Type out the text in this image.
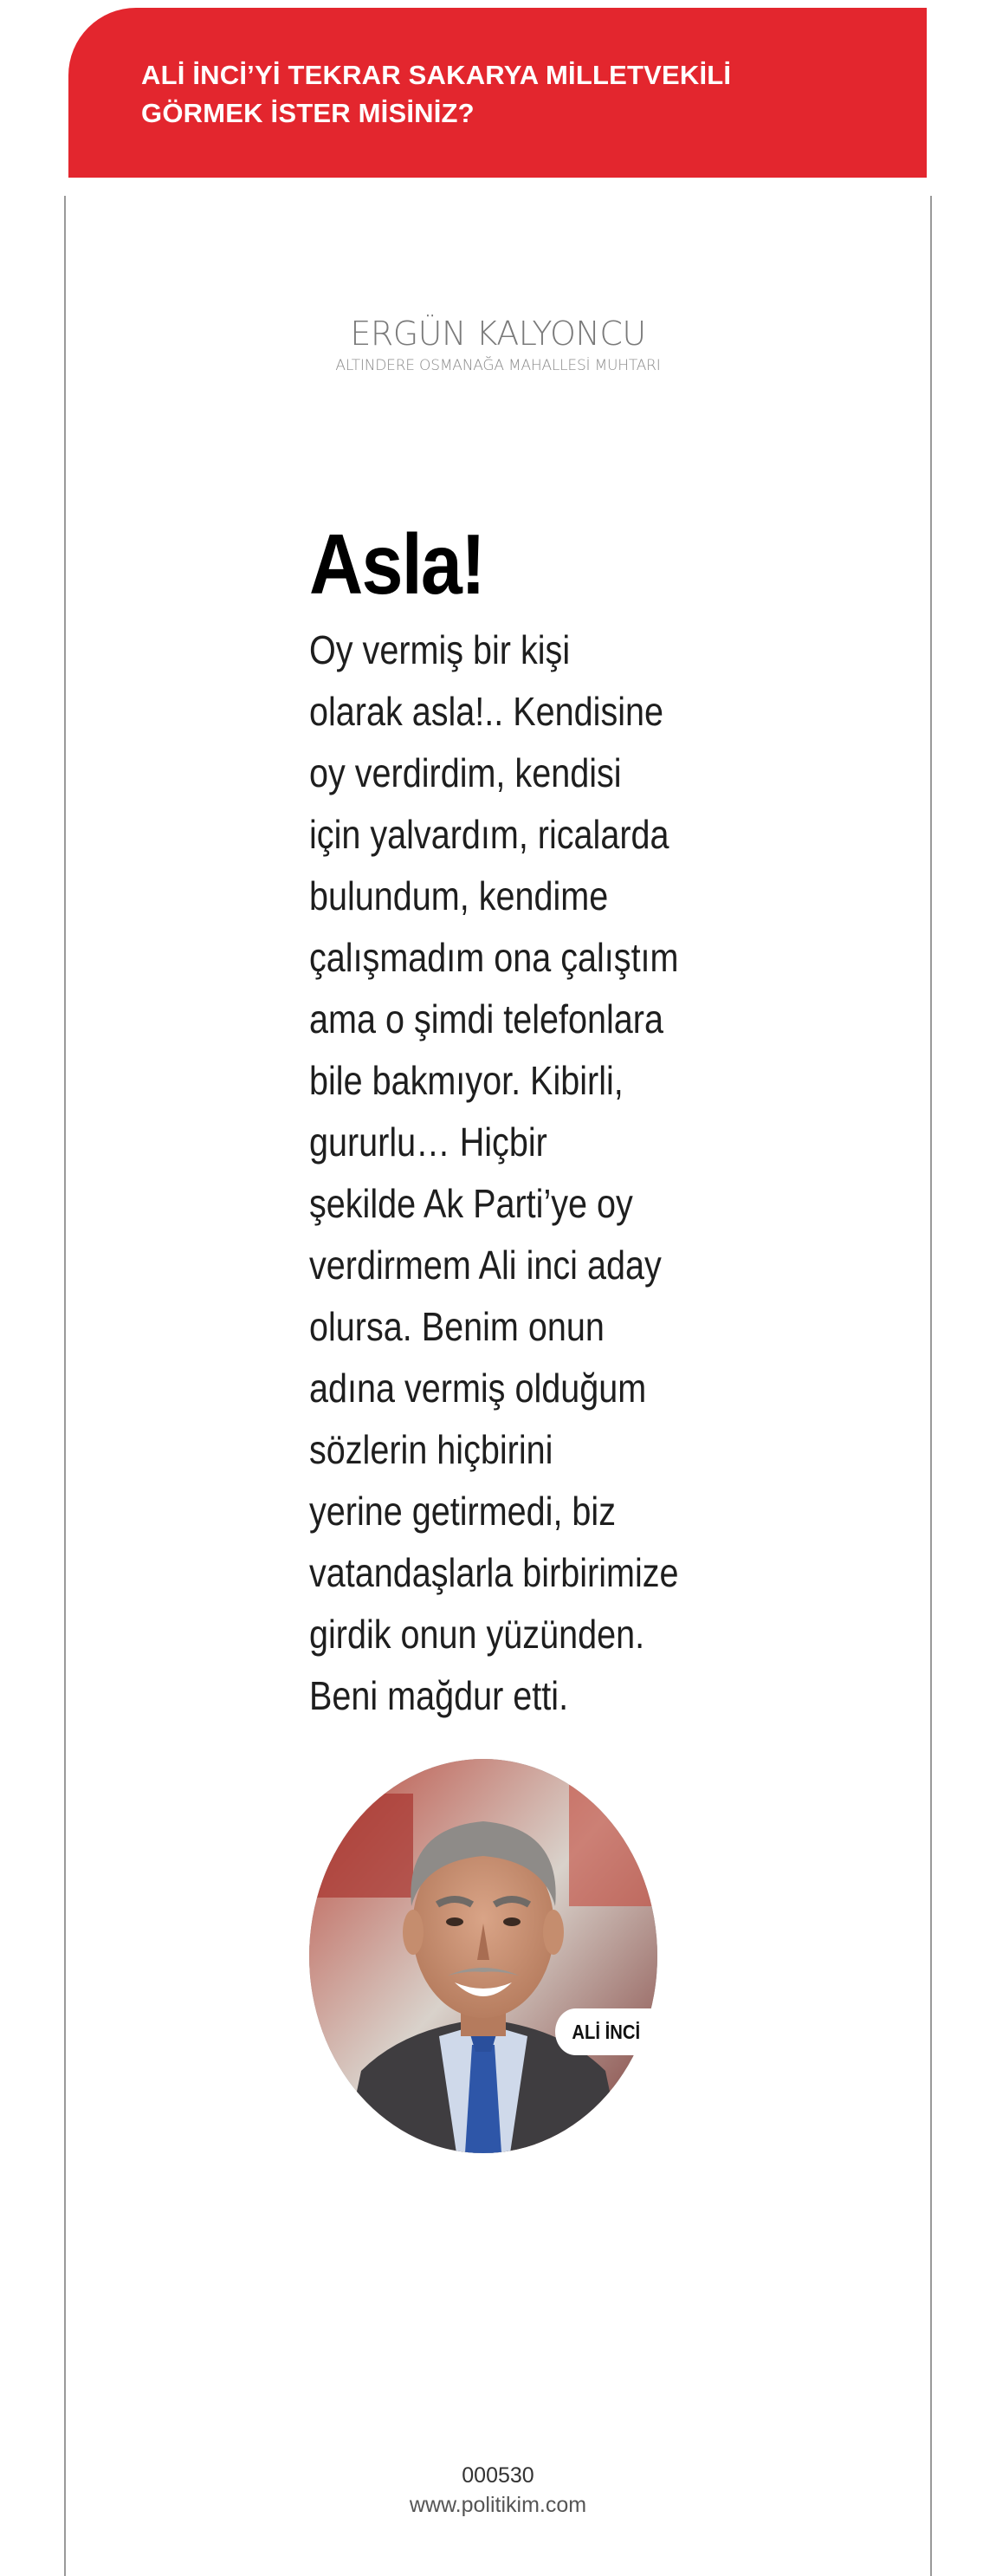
ALİ İNCİ’Yİ TEKRAR SAKARYA MİLLETVEKİLİ
GÖRMEK İSTER MİSİNİZ?
ERGÜN KALYONCU
ALTINDERE OSMANAĞA MAHALLESİ MUHTARI
Asla!

Oy vermiş bir kişi
olarak asla!.. Kendisine
oy verdirdim, kendisi
için yalvardım, ricalarda
bulundum, kendime
çalışmadım ona çalıştım
ama o şimdi telefonlara
bile bakmıyor. Kibirli,
gururlu… Hiçbir
şekilde Ak Parti’ye oy
verdirmem Ali inci aday
olursa. Benim onun
adına vermiş olduğum
sözlerin hiçbirini
yerine getirmedi, biz
vatandaşlarla birbirimize
girdik onun yüzünden.
Beni mağdur etti.

ALİ İNCİ
000530
www.politikim.com
